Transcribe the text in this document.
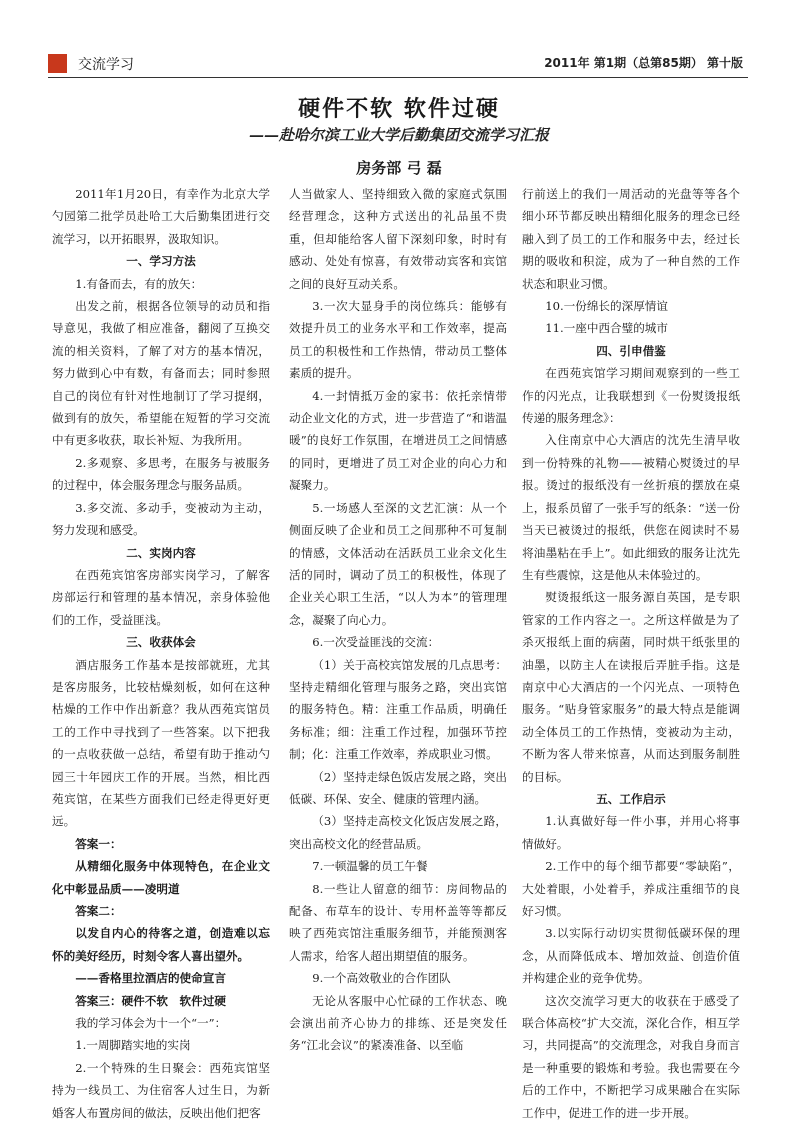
交流学习	2011年 第1期（总第85期） 第十版
硬件不软 软件过硬
——赴哈尔滨工业大学后勤集团交流学习汇报
房务部 弓 磊

2011年1月20日，有幸作为北京大学勺园第二批学员赴哈工大后勤集团进行交流学习，以开拓眼界，汲取知识。

一、学习方法

1.有备而去，有的放矢：

出发之前，根据各位领导的动员和指导意见，我做了相应准备，翻阅了互换交流的相关资料，了解了对方的基本情况，努力做到心中有数，有备而去；同时参照自己的岗位有针对性地制订了学习提纲，做到有的放矢，希望能在短暂的学习交流中有更多收获，取长补短、为我所用。

2.多观察、多思考，在服务与被服务的过程中，体会服务理念与服务品质。

3.多交流、多动手，变被动为主动，努力发现和感受。

二、实岗内容

在西苑宾馆客房部实岗学习，了解客房部运行和管理的基本情况，亲身体验他们的工作，受益匪浅。

三、收获体会

酒店服务工作基本是按部就班，尤其是客房服务，比较枯燥刻板，如何在这种枯燥的工作中作出新意？我从西苑宾馆员工的工作中寻找到了一些答案。以下把我的一点收获做一总结，希望有助于推动勺园三十年园庆工作的开展。当然，相比西苑宾馆，在某些方面我们已经走得更好更远。

答案一：

从精细化服务中体现特色，在企业文化中彰显品质——凌明道

答案二：

以发自内心的待客之道，创造难以忘怀的美好经历，时刻令客人喜出望外。

——香格里拉酒店的使命宣言

答案三：硬件不软　软件过硬

我的学习体会为十一个“一”：

1.一周脚踏实地的实岗

2.一个特殊的生日聚会：西苑宾馆坚持为一线员工、为住宿客人过生日，为新婚客人布置房间的做法，反映出他们把客

人当做家人、坚持细致入微的家庭式氛围经营理念，这种方式送出的礼品虽不贵重，但却能给客人留下深刻印象，时时有感动、处处有惊喜，有效带动宾客和宾馆之间的良好互动关系。

3.一次大显身手的岗位练兵：能够有效提升员工的业务水平和工作效率，提高员工的积极性和工作热情，带动员工整体素质的提升。

4.一封情抵万金的家书：依托亲情带动企业文化的方式，进一步营造了“和谐温暖”的良好工作氛围，在增进员工之间情感的同时，更增进了员工对企业的向心力和凝聚力。

5.一场感人至深的文艺汇演：从一个侧面反映了企业和员工之间那种不可复制的情感，文体活动在活跃员工业余文化生活的同时，调动了员工的积极性，体现了企业关心职工生活，“以人为本”的管理理念，凝聚了向心力。

6.一次受益匪浅的交流：

（1）关于高校宾馆发展的几点思考：坚持走精细化管理与服务之路，突出宾馆的服务特色。精：注重工作品质，明确任务标准；细：注重工作过程，加强环节控制；化：注重工作效率，养成职业习惯。

（2）坚持走绿色饭店发展之路，突出低碳、环保、安全、健康的管理内涵。

（3）坚持走高校文化饭店发展之路，突出高校文化的经营品质。

7.一顿温馨的员工午餐

8.一些让人留意的细节：房间物品的配备、布草车的设计、专用杯盖等等都反映了西苑宾馆注重服务细节，并能预测客人需求，给客人超出期望值的服务。

9.一个高效敬业的合作团队

无论从客服中心忙碌的工作状态、晚会演出前齐心协力的排练、还是突发任务“江北会议”的紧凑准备、以至临

行前送上的我们一周活动的光盘等等各个细小环节都反映出精细化服务的理念已经融入到了员工的工作和服务中去，经过长期的吸收和积淀，成为了一种自然的工作状态和职业习惯。

10.一份绵长的深厚情谊

11.一座中西合璧的城市

四、引申借鉴

在西苑宾馆学习期间观察到的一些工作的闪光点，让我联想到《一份熨烫报纸传递的服务理念》：

入住南京中心大酒店的沈先生清早收到一份特殊的礼物——被精心熨烫过的早报。烫过的报纸没有一丝折痕的摆放在桌上，报系员留了一张手写的纸条：“送一份当天已被烫过的报纸，供您在阅读时不易将油墨粘在手上”。如此细致的服务让沈先生有些震惊，这是他从未体验过的。

熨烫报纸这一服务源自英国，是专职管家的工作内容之一。之所这样做是为了杀灭报纸上面的病菌，同时烘干纸张里的油墨，以防主人在读报后弄脏手指。这是南京中心大酒店的一个闪光点、一项特色服务。“贴身管家服务”的最大特点是能调动全体员工的工作热情，变被动为主动，不断为客人带来惊喜，从而达到服务制胜的目标。

五、工作启示

1.认真做好每一件小事，并用心将事情做好。

2.工作中的每个细节都要“零缺陷”，大处着眼，小处着手，养成注重细节的良好习惯。

3.以实际行动切实贯彻低碳环保的理念，从而降低成本、增加效益、创造价值并构建企业的竞争优势。

这次交流学习更大的收获在于感受了联合体高校“扩大交流，深化合作，相互学习，共同提高”的交流理念，对我自身而言是一种重要的锻炼和考验。我也需要在今后的工作中，不断把学习成果融合在实际工作中，促进工作的进一步开展。
